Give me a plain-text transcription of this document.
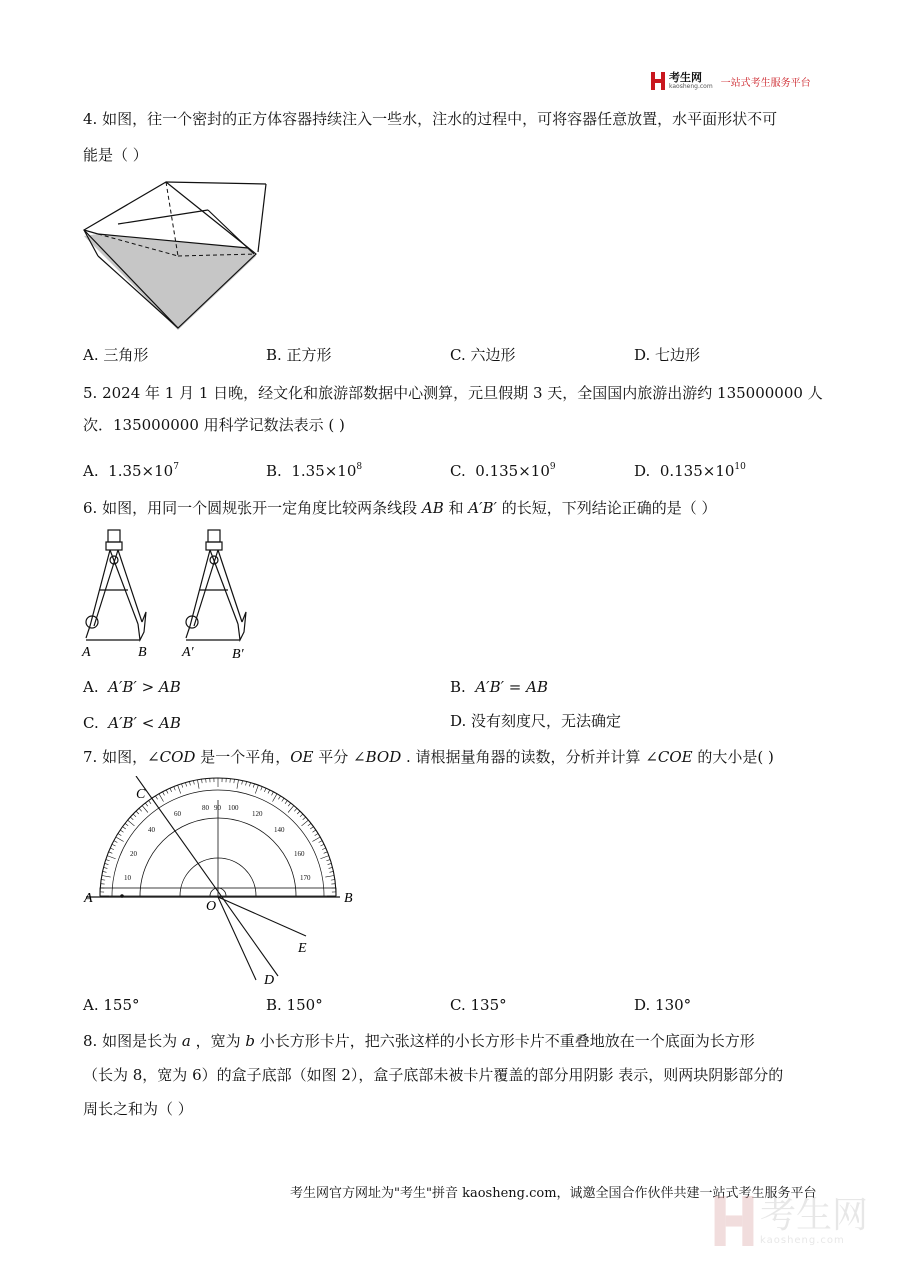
考生网
kaosheng.com 一站式考生服务平台
4. 如图，往一个密封的正方体容器持续注入一些水，注水的过程中，可将容器任意放置，水平面形状不可
能是（ ）
A. 三角形	B. 正方形	C. 六边形	D. 七边形
5. 2024 年 1 月 1 日晚，经文化和旅游部数据中心测算，元旦假期 3 天，全国国内旅游出游约 135000000 人
次．135000000 用科学记数法表示 ( )
A. $1.35\times 10^7$	B. $1.35\times 10^8$	C. $0.135\times 10^9$	D. $0.135\times 10^{10}$
6. 如图，用同一个圆规张开一定角度比较两条线段 AB 和 A′B′ 的长短，下列结论正确的是（ ）
A	B	A′	B′
A. A′B′ > AB	B. A′B′ = AB
C. A′B′ < AB	D. 没有刻度尺，无法确定
7. 如图，∠COD 是一个平角，OE 平分 ∠BOD . 请根据量角器的读数，分析并计算 ∠COE 的大小是( )
90
80	100
60	120
40	140
20	160
10	170
A	B
C
D
E
O
A. 155°	B. 150°	C. 135°	D. 130°
8. 如图是长为 a ，宽为 b 小长方形卡片，把六张这样的小长方形卡片不重叠地放在一个底面为长方形
（长为 8，宽为 6）的盒子底部（如图 2），盒子底部未被卡片覆盖的部分用阴影 表示，则两块阴影部分的
周长之和为（ ）
考生网官方网址为"考生"拼音 kaosheng.com，诚邀全国合作伙伴共建一站式考生服务平台
考生网
kaosheng.com
